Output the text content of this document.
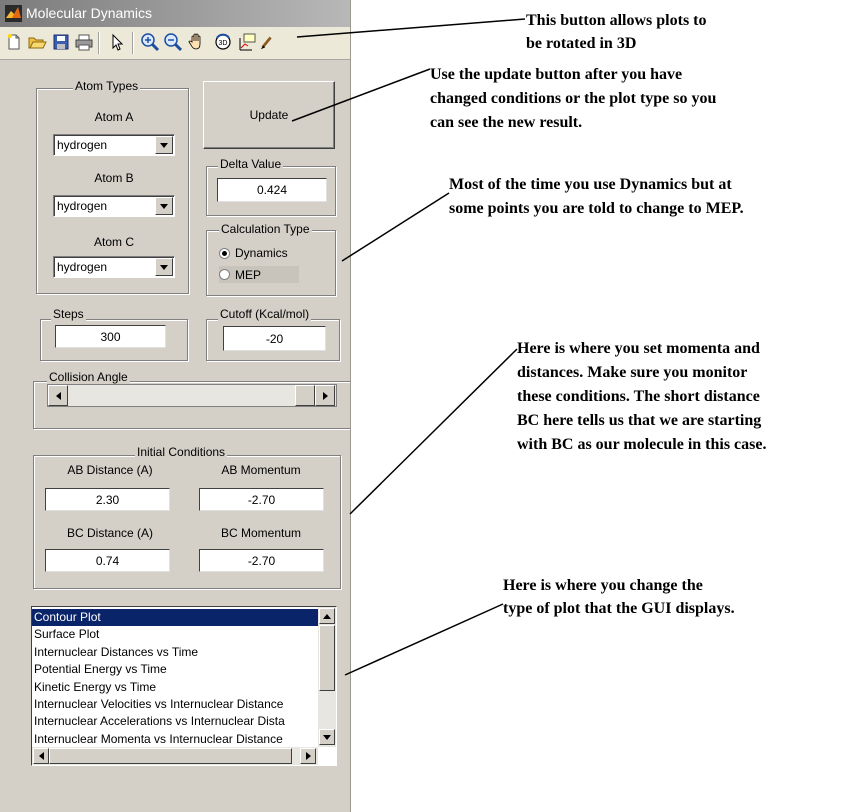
Molecular Dynamics
3D
Atom Types
Atom A
hydrogen
Atom B
hydrogen
Atom C
hydrogen
Update
Delta Value
0.424
Calculation Type
Dynamics
MEP
Steps
300
Cutoff (Kcal/mol)
-20
Collision Angle
Initial Conditions
AB Distance (A)	AB Momentum
2.30	-2.70
BC Distance (A)	BC Momentum
0.74	-2.70
Contour Plot
Surface Plot
Internuclear Distances vs Time
Potential Energy vs Time
Kinetic Energy vs Time
Internuclear Velocities vs Internuclear Distance
Internuclear Accelerations vs Internuclear Dista
Internuclear Momenta vs Internuclear Distance
This button allows plots to
be rotated in 3D
Use the update button after you have
changed conditions or the plot type so you
can see the new result.
Most of the time you use Dynamics but at
some points you are told to change to MEP.
Here is where you set momenta and
distances. Make sure you monitor
these conditions. The short distance
BC here tells us that we are starting
with BC as our molecule in this case.
Here is where you change the
type of plot that the GUI displays.
